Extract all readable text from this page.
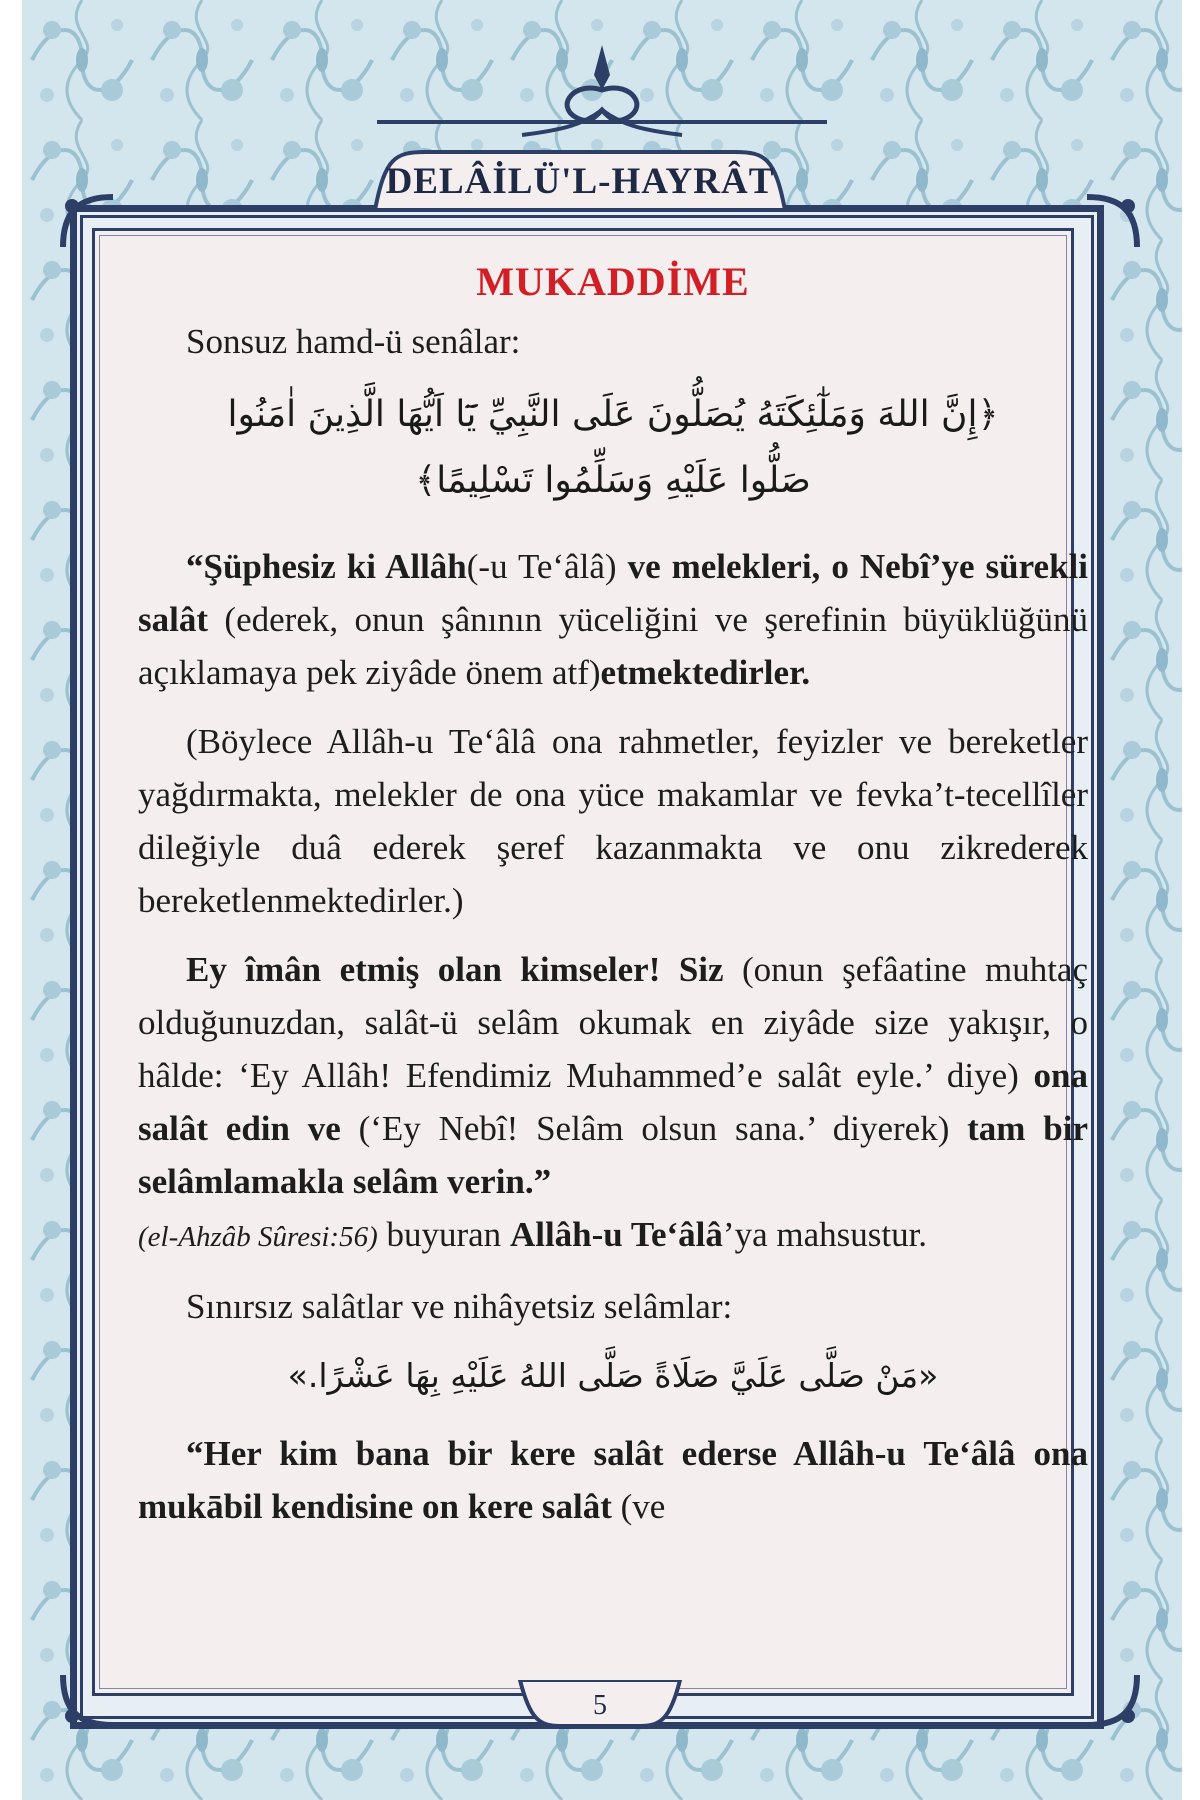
DELÂİLÜ'L-HAYRÂT
5
MUKADDİME

Sonsuz hamd-ü senâlar:

﴿إِنَّ اللهَ وَمَلٰٓئِكَتَهُ يُصَلُّونَ عَلَى النَّبِيِّ يَٓا اَيُّهَا الَّذِينَ اٰمَنُوا

صَلُّوا عَلَيْهِ وَسَلِّمُوا تَسْلِيمًا﴾

“Şüphesiz ki Allâh(-u Te‘âlâ) ve melekleri, o Nebî’ye sürekli salât (ederek, onun şânının yüceliğini ve şerefinin büyüklüğünü açıklamaya pek ziyâde önem atf)etmektedirler.

(Böylece Allâh-u Te‘âlâ ona rahmetler, feyizler ve bereketler yağdırmakta, melekler de ona yüce makamlar ve fevka’t-tecellîler dileğiyle duâ ederek şeref kazanmakta ve onu zikrederek bereketlenmektedirler.)

Ey îmân etmiş olan kimseler! Siz (onun şefâatine muhtaç olduğunuzdan, salât-ü selâm okumak en ziyâde size yakışır, o hâlde: ‘Ey Allâh! Efendimiz Muhammed’e salât eyle.’ diye) ona salât edin ve (‘Ey Nebî! Selâm olsun sana.’ diyerek) tam bir selâmlamakla selâm verin.”
(el-Ahzâb Sûresi:56) buyuran Allâh-u Te‘âlâ’ya mahsustur.

Sınırsız salâtlar ve nihâyetsiz selâmlar:

«مَنْ صَلَّى عَلَيَّ صَلَاةً صَلَّى اللهُ عَلَيْهِ بِهَا عَشْرًا.»

“Her kim bana bir kere salât ederse Allâh-u Te‘âlâ ona mukābil kendisine on kere salât (ve
